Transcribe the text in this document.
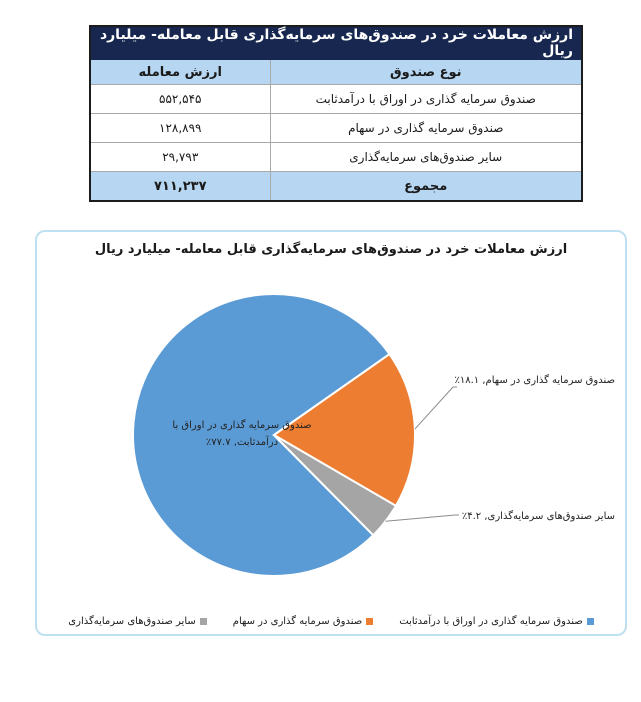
ارزش معاملات خرد در صندوق‌های سرمایه‌گذاری قابل معامله- میلیارد ریال	
نوع صندوق	ارزش معامله
صندوق سرمایه گذاری در اوراق با درآمدثابت	۵۵۲,۵۴۵
صندوق سرمایه گذاری در سهام	۱۲۸,۸۹۹
سایر صندوق‌های سرمایه‌گذاری	۲۹,۷۹۳
مجموع	۷۱۱,۲۳۷
ارزش معاملات خرد در صندوق‌های سرمایه‌گذاری قابل معامله- میلیارد ریال
صندوق سرمایه گذاری در اوراق با
درآمدثابت, ۷۷.۷٪
صندوق سرمایه گذاری در سهام, ۱۸.۱٪
سایر صندوق‌های سرمایه‌گذاری, ۴.۲٪
صندوق سرمایه گذاری در اوراق با درآمدثابت
صندوق سرمایه گذاری در سهام
سایر صندوق‌های سرمایه‌گذاری
